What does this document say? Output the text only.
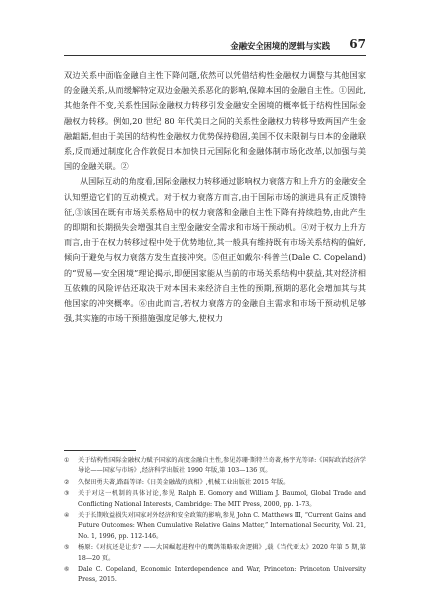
金融安全困境的逻辑与实践 67

双边关系中面临金融自主性下降问题,依然可以凭借结构性金融权力调整与其他国家的金融关系,从而缓解特定双边金融关系恶化的影响,保障本国的金融自主性。①因此,其他条件不变,关系性国际金融权力转移引发金融安全困境的概率低于结构性国际金融权力转移。例如,20 世纪 80 年代美日之间的关系性金融权力转移导致两国产生金融龃龉,但由于美国的结构性金融权力优势保持稳固,美国不仅未限制与日本的金融联系,反而通过制度化合作敦促日本加快日元国际化和金融体制市场化改革,以加强与美国的金融关联。②

从国际互动的角度看,国际金融权力转移通过影响权力衰落方和上升方的金融安全认知塑造它们的互动模式。对于权力衰落方而言,由于国际市场的演进具有正反馈特征,③该国在既有市场关系格局中的权力衰落和金融自主性下降有持续趋势,由此产生的即期和长期损失会增强其自主型金融安全需求和市场干预动机。④对于权力上升方而言,由于在权力转移过程中处于优势地位,其一般具有维持既有市场关系结构的偏好,倾向于避免与权力衰落方发生直接冲突。⑤但正如戴尔·科普兰(Dale C. Copeland)的“贸易—安全困境”理论揭示,即便国家能从当前的市场关系结构中获益,其对经济相互依赖的风险评估还取决于对本国未来经济自主性的预期,预期的恶化会增加其与其他国家的冲突概率。⑥由此而言,若权力衰落方的金融自主需求和市场干预动机足够强,其实施的市场干预措施强度足够大,使权力

①	关于结构性国际金融权力赋予国家的高度金融自主性,参见苏珊·斯特兰奇著,杨宇光等译:《国际政治经济学导论——国家与市场》,经济科学出版社 1990 年版,第 103—136 页。

②	久保田勇夫著,路磊等译:《日美金融战的真相》,机械工业出版社 2015 年版。

③	关于对这一机制的具体讨论,参见 Ralph E. Gomory and William J. Baumol, Global Trade and Conflicting National Interests, Cambridge: The MIT Press, 2000, pp. 1-73。

④	关于长期收益损失对国家对外经济和安全政策的影响,参见 John C. Matthews Ⅲ, “Current Gains and Future Outcomes: When Cumulative Relative Gains Matter,” International Security, Vol. 21, No. 1, 1996, pp. 112-146。

⑤	杨原:《对抗还是让步? ——大国崛起进程中的鹰鸽策略取舍逻辑》,载《当代亚太》2020 年第 5 期,第 18—20 页。

⑥	Dale C. Copeland, Economic Interdependence and War, Princeton: Princeton University Press, 2015.
